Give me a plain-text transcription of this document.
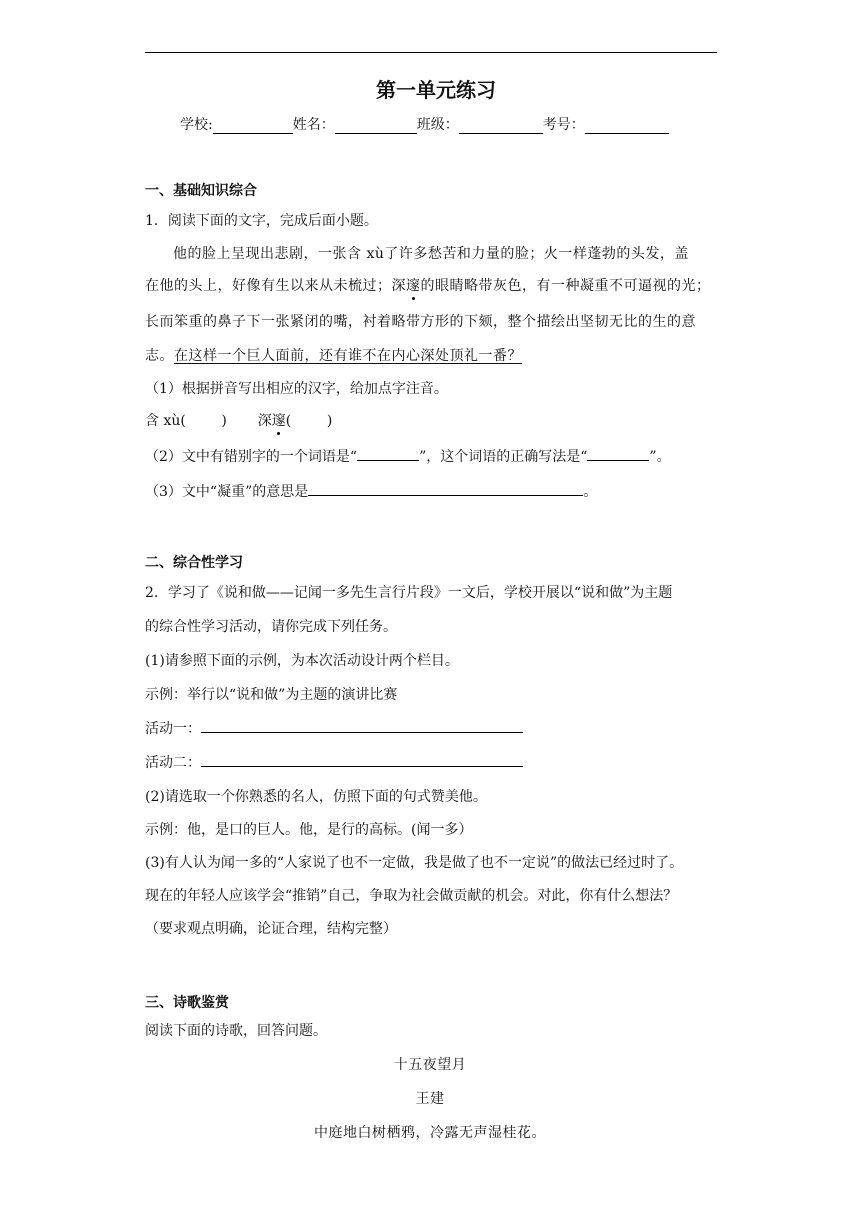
第一单元练习
学校:	姓名：	班级：	考号：
一、基础知识综合
1．阅读下面的文字，完成后面小题。
他的脸上呈现出悲剧，一张含 xù了许多愁苦和力量的脸；火一样蓬勃的头发，盖
在他的头上，好像有生以来从未梳过；深邃的眼睛略带灰色，有一种凝重不可逼视的光；
长而笨重的鼻子下一张紧闭的嘴，衬着略带方形的下颏，整个描绘出坚韧无比的生的意
志。在这样一个巨人面前，还有谁不在内心深处顶礼一番？
（1）根据拼音写出相应的汉字，给加点字注音。
含 xù(        ) 深邃(        )
（2）文中有错别字的一个词语是“	”，这个词语的正确写法是“	”。
（3）文中“凝重”的意思是	。
二、综合性学习
2．学习了《说和做——记闻一多先生言行片段》一文后，学校开展以“说和做”为主题
的综合性学习活动，请你完成下列任务。
(1)请参照下面的示例，为本次活动设计两个栏目。
示例：举行以“说和做”为主题的演讲比赛
活动一：
活动二：
(2)请选取一个你熟悉的名人，仿照下面的句式赞美他。
示例：他，是口的巨人。他，是行的高标。(闻一多）
(3)有人认为闻一多的“人家说了也不一定做，我是做了也不一定说”的做法已经过时了。
现在的年轻人应该学会“推销”自己，争取为社会做贡献的机会。对此，你有什么想法？
（要求观点明确，论证合理，结构完整）
三、诗歌鉴赏
阅读下面的诗歌，回答问题。
十五夜望月
王建
中庭地白树栖鸦，冷露无声湿桂花。
